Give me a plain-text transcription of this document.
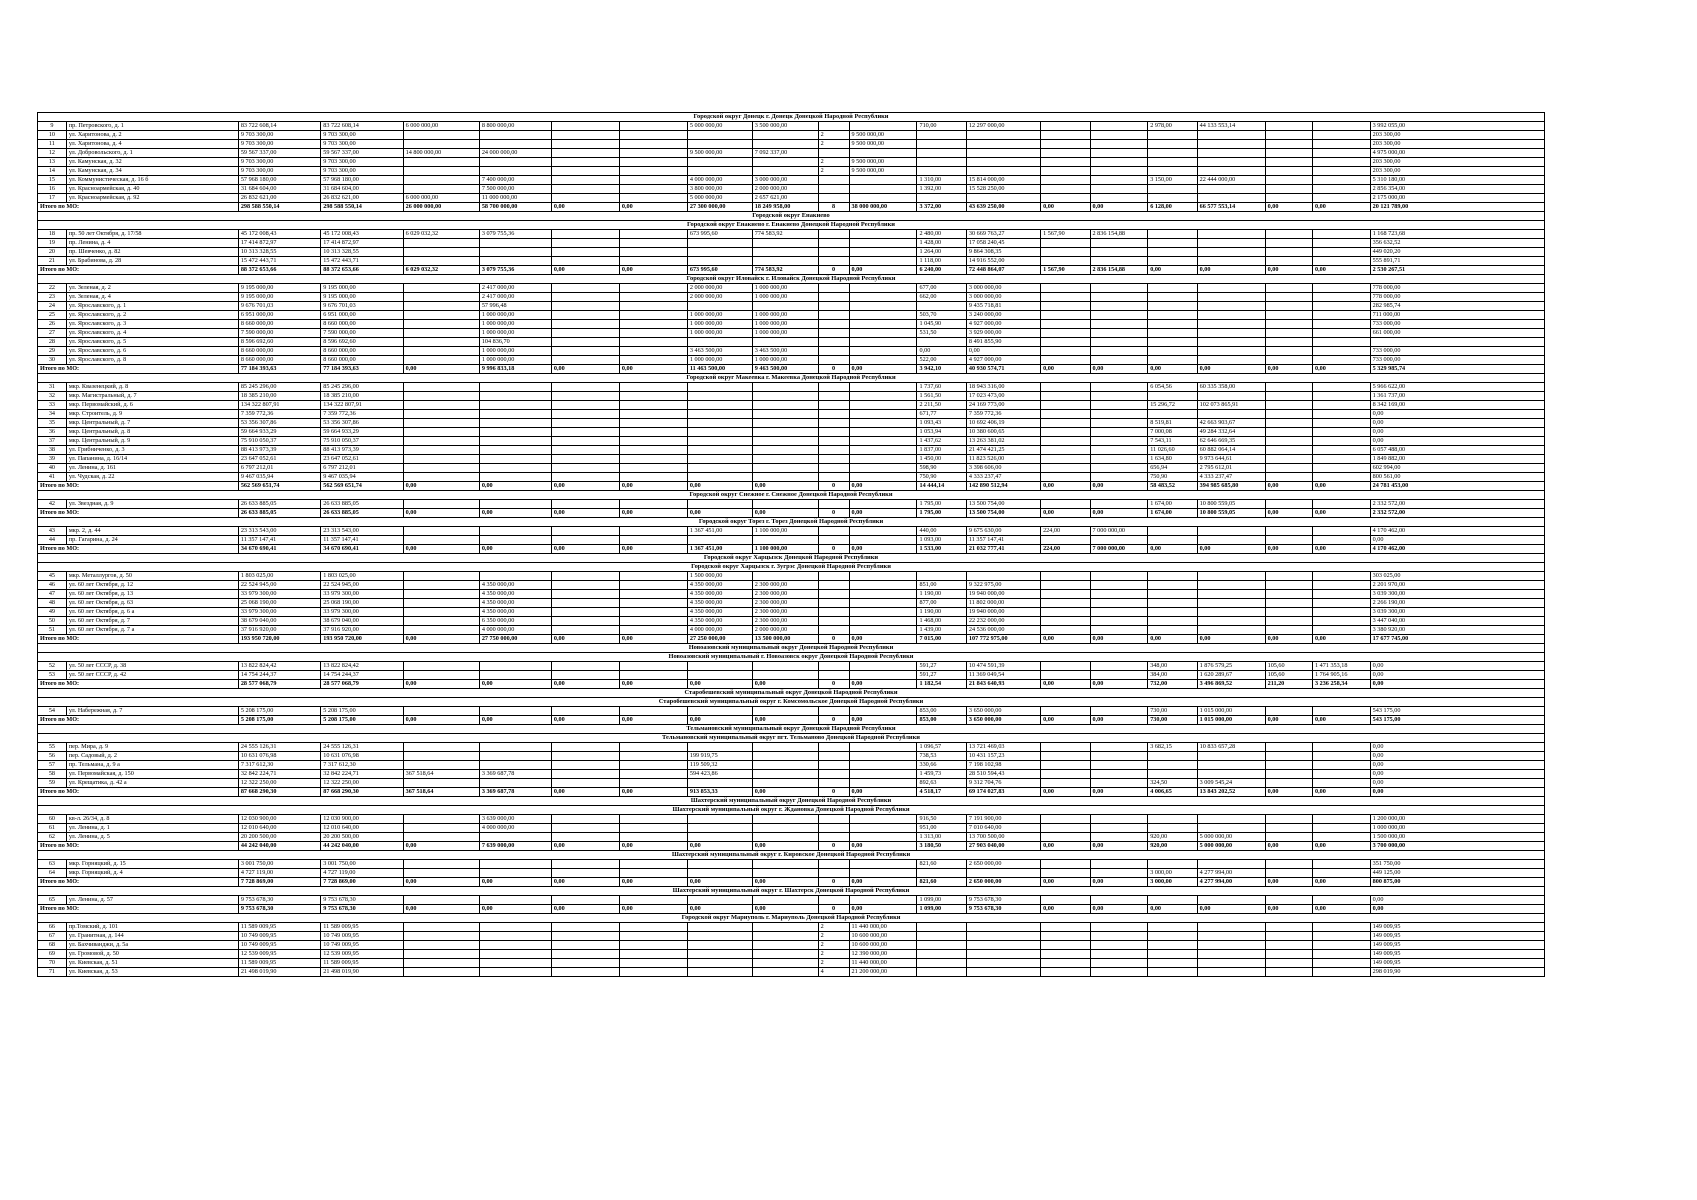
Городской округ Донецк г. Донецк Донецкой Народной Республики																				
9	пр. Петровского, д. 1	83 722 608,14	83 722 608,14	6 000 000,00	8 800 000,00			5 000 000,00	3 500 000,00			710,00	12 297 000,00			2 978,00	44 133 553,14			3 992 055,00
10	ул. Харитонова, д. 2	9 703 300,00	9 703 300,00							2	9 500 000,00									203 300,00
11	ул. Харитонова, д. 4	9 703 300,00	9 703 300,00							2	9 500 000,00									203 300,00
12	ул. Добровольского, д. 1	59 567 337,00	59 567 337,00	14 800 000,00	24 000 000,00			9 500 000,00	7 092 337,00											4 975 000,00
13	ул. Камунская, д. 32	9 703 300,00	9 703 300,00							2	9 500 000,00									203 300,00
14	ул. Камунская, д. 34	9 703 300,00	9 703 300,00							2	9 500 000,00									203 300,00
15	ул. Коммунистическая, д. 16 б	57 968 180,00	57 968 180,00		7 400 000,00			4 000 000,00	3 000 000,00			1 310,00	15 814 000,00			3 150,00	22 444 000,00			5 310 180,00
16	ул. Красноармейская, д. 40	31 684 604,00	31 684 604,00		7 500 000,00			3 800 000,00	2 000 000,00			1 392,00	15 528 250,00							2 856 354,00
17	ул. Красноармейская, д. 92	26 832 621,00	26 832 621,00	6 000 000,00	11 000 000,00			5 000 000,00	2 657 621,00											2 175 000,00
Итого по МО:		298 588 550,14	298 588 550,14	26 000 000,00	58 700 000,00	0,00	0,00	27 300 000,00	18 249 958,00	8	38 000 000,00	3 372,00	43 639 250,00	0,00	0,00	6 128,00	66 577 553,14	0,00	0,00	20 121 789,00
Городской округ Енакиево																				
Городской округ Енакиево г. Енакиево Донецкой Народной Республики																				
18	пр. 50 лет Октября, д. 17/58	45 172 008,43	45 172 008,43	6 029 032,32	3 079 755,36			673 995,60	774 583,92			2 480,00	30 669 763,27	1 567,90	2 836 154,88					1 168 723,68
19	пр. Ленина, д. 4	17 414 872,97	17 414 872,97									1 428,00	17 058 240,45							356 632,52
20	пр. Шевченко, д. 82	10 313 328,55	10 313 328,55									1 264,00	9 864 308,35							449 020,20
21	ул. Брабинова, д. 28	15 472 443,71	15 472 443,71									1 118,00	14 916 552,00							555 891,71
Итого по МО:		88 372 653,66	88 372 653,66	6 029 032,32	3 079 755,36	0,00	0,00	673 995,60	774 583,92	0	0,00	6 240,00	72 448 864,07	1 567,90	2 836 154,88	0,00	0,00	0,00	0,00	2 530 267,51
Городской округ Иловайск г. Иловайск Донецкой Народной Республики																				
22	ул. Зеленая, д. 2	9 195 000,00	9 195 000,00		2 417 000,00			2 000 000,00	1 000 000,00			677,00	3 000 000,00							778 000,00
23	ул. Зеленая, д. 4	9 195 000,00	9 195 000,00		2 417 000,00			2 000 000,00	1 000 000,00			662,00	3 000 000,00							778 000,00
24	ул. Ярославского, д. 1	9 676 701,03	9 676 701,03		57 996,48								9 435 718,81							282 985,74
25	ул. Ярославского, д. 2	6 951 000,00	6 951 000,00		1 000 000,00			1 000 000,00	1 000 000,00			503,70	3 240 000,00							711 000,00
26	ул. Ярославского, д. 3	8 660 000,00	8 660 000,00		1 000 000,00			1 000 000,00	1 000 000,00			1 045,90	4 927 000,00							733 000,00
27	ул. Ярославского, д. 4	7 590 000,00	7 590 000,00		1 000 000,00			1 000 000,00	1 000 000,00			531,50	3 929 000,00							661 000,00
28	ул. Ярославского, д. 5	8 596 692,60	8 596 692,60		104 836,70								8 491 855,90							
29	ул. Ярославского, д. 6	8 660 000,00	8 660 000,00		1 000 000,00			3 463 500,00	3 463 500,00			0,00	0,00							733 000,00
30	ул. Ярославского, д. 8	8 660 000,00	8 660 000,00		1 000 000,00			1 000 000,00	1 000 000,00			522,00	4 927 000,00							733 000,00
Итого по МО:		77 184 393,63	77 184 393,63	0,00	9 996 833,18	0,00	0,00	11 463 500,00	9 463 500,00	0	0,00	3 942,10	40 930 574,71	0,00	0,00	0,00	0,00	0,00	0,00	5 329 985,74
Городской округ Макеевка г. Макеевка Донецкой Народной Республики																				
31	мкр. Квазенецкий, д. 8	85 245 296,00	85 245 296,00									1 737,60	18 943 316,00			6 054,56	60 335 358,00			5 966 622,00
32	мкр. Магистральный, д. 7	18 385 210,00	18 385 210,00									1 561,50	17 023 473,00							1 361 737,00
33	мкр. Первомайский, д. 6	134 322 807,91	134 322 807,91									2 211,50	24 169 773,00			15 296,72	102 073 865,91			8 342 169,00
34	мкр. Строитель, д. 9	7 359 772,36	7 359 772,36									671,77	7 359 772,36							0,00
35	мкр. Центральный, д. 7	53 356 307,86	53 356 307,86									1 093,43	10 692 406,19			8 519,81	42 663 903,67			0,00
36	мкр. Центральный, д. 8	59 664 933,29	59 664 933,29									1 053,94	10 380 600,65			7 000,08	49 284 332,64			0,00
37	мкр. Центральный, д. 9	75 910 050,37	75 910 050,37									1 437,62	13 263 381,02			7 543,11	62 646 669,35			0,00
38	ул. Грибниченко, д. 3	88 413 973,39	88 413 973,39									1 837,00	21 474 421,25			11 026,60	60 882 064,14			6 057 488,00
39	ул. Папанина, д. 16/14	23 647 052,61	23 647 052,61									1 450,00	11 823 526,00			1 634,80	9 973 644,61			1 849 882,00
40	ул. Ленина, д. 161	6 797 212,01	6 797 212,01									598,90	3 398 606,00			656,94	2 795 612,01			602 994,00
41	ул. Чудская, д. 22	9 467 035,94	9 467 035,94									750,90	4 333 237,47			750,90	4 333 237,47			800 561,00
Итого по МО:		562 569 651,74	562 569 651,74	0,00	0,00	0,00	0,00	0,00	0,00	0	0,00	14 444,14	142 890 512,94	0,00	0,00	58 483,52	394 985 685,80	0,00	0,00	24 781 453,00
Городской округ Снежное г. Снежное Донецкой Народной Республики																				
42	ул. Звездная, д. 9	26 633 885,05	26 633 885,05									1 795,00	13 500 754,00			1 674,00	10 800 559,05			2 332 572,00
Итого по МО:		26 633 885,05	26 633 885,05	0,00	0,00	0,00	0,00	0,00	0,00	0	0,00	1 795,00	13 500 754,00	0,00	0,00	1 674,00	10 800 559,05	0,00	0,00	2 332 572,00
Городской округ Торез г. Торез Донецкой Народной Республики																				
43	мкр. 2, д. 44	23 313 543,00	23 313 543,00					1 367 451,00	1 100 000,00			440,00	9 675 630,00	224,00	7 000 000,00					4 170 462,00
44	пр. Гагарина, д. 24	11 357 147,41	11 357 147,41									1 093,00	11 357 147,41							0,00
Итого по МО:		34 670 690,41	34 670 690,41	0,00	0,00	0,00	0,00	1 367 451,00	1 100 000,00	0	0,00	1 533,00	21 032 777,41	224,00	7 000 000,00	0,00	0,00	0,00	0,00	4 170 462,00
Городской округ Харцызск Донецкой Народной Республики																				
Городской округ Харцызск г. Зугрэс Донецкой Народной Республики																				
45	мкр. Металлургов, д. 50	1 803 025,00	1 803 025,00					1 500 000,00												303 025,00
46	ул. 60 лет Октября, д. 12	22 524 945,00	22 524 945,00		4 350 000,00			4 350 000,00	2 300 000,00			851,00	9 322 975,00							2 201 970,00
47	ул. 60 лет Октября, д. 13	33 979 300,00	33 979 300,00		4 350 000,00			4 350 000,00	2 300 000,00			1 190,00	19 940 000,00							3 039 300,00
48	ул. 60 лет Октября, д. 63	25 068 190,00	25 068 190,00		4 350 000,00			4 350 000,00	2 300 000,00			877,00	11 802 000,00							2 266 190,00
49	ул. 60 лет Октября, д. 6 а	33 979 300,00	33 979 300,00		4 350 000,00			4 350 000,00	2 300 000,00			1 190,00	19 940 000,00							3 039 300,00
50	ул. 60 лет Октября, д. 7	38 679 040,00	38 679 040,00		6 350 000,00			4 350 000,00	2 300 000,00			1 468,00	22 232 000,00							3 447 040,00
51	ул. 60 лет Октября, д. 7 а	37 916 920,00	37 916 920,00		4 000 000,00			4 000 000,00	2 000 000,00			1 439,00	24 536 000,00							3 380 920,00
Итого по МО:		193 950 720,00	193 950 720,00	0,00	27 750 000,00	0,00	0,00	27 250 000,00	13 500 000,00	0	0,00	7 015,00	107 772 975,00	0,00	0,00	0,00	0,00	0,00	0,00	17 677 745,00
Новоазовский муниципальный округ Донецкой Народной Республики																				
Новоазовский муниципальный г. Новоазовск округ Донецкой Народной Республики																				
52	ул. 50 лет СССР, д. 38	13 822 824,42	13 822 824,42									591,27	10 474 591,39			348,00	1 876 579,25	105,60	1 471 353,18	0,00
53	ул. 50 лет СССР, д. 42	14 754 244,37	14 754 244,37									591,27	11 369 049,54			384,00	1 620 289,67	105,60	1 764 905,16	0,00
Итого по МО:		28 577 068,79	28 577 068,79	0,00	0,00	0,00	0,00	0,00	0,00	0	0,00	1 182,54	21 843 640,93	0,00	0,00	732,00	3 496 869,52	211,20	3 236 258,34	0,00
Старобешевский муниципальный округ Донецкой Народной Республики																				
Старобешевский муниципальный округ г. Комсомольское Донецкой Народной Республики																				
54	ул. Набережная, д. 7	5 208 175,00	5 208 175,00									853,00	3 650 000,00			730,00	1 015 000,00			543 175,00
Итого по МО:		5 208 175,00	5 208 175,00	0,00	0,00	0,00	0,00	0,00	0,00	0	0,00	853,00	3 650 000,00	0,00	0,00	730,00	1 015 000,00	0,00	0,00	543 175,00
Тельмановский муниципальный округ Донецкой Народной Республики																				
Тельмановский муниципальный округ пгт. Тельманово Донецкой Народной Республики																				
55	пер. Мира, д. 9	24 555 126,31	24 555 126,31									1 096,57	13 721 469,03			3 682,15	10 833 657,28			0,00
56	пер. Садовый, д. 2	10 631 076,98	10 631 076,98					199 919,75				738,53	10 431 157,23							0,00
57	пр. Тельмана, д. 9 а	7 317 612,30	7 317 612,30					119 509,32				330,66	7 198 102,98							0,00
58	ул. Первомайская, д. 150	32 842 224,71	32 842 224,71	367 518,64	3 369 687,78			594 423,86				1 459,73	28 510 594,43							0,00
59	ул. Крещатика, д. 42 а	12 322 250,00	12 322 250,00									892,63	9 312 704,76			324,50	3 009 545,24			0,00
Итого по МО:		87 668 290,30	87 668 290,30	367 518,64	3 369 687,78	0,00	0,00	913 853,33	0,00	0	0,00	4 518,17	69 174 027,83	0,00	0,00	4 006,65	13 843 202,52	0,00	0,00	0,00
Шахтерский муниципальный округ Донецкой Народной Республики																				
Шахтерский муниципальный округ г. Ждановка Донецкой Народной Республики																				
60	кв-л. 26/34, д. 8	12 030 900,00	12 030 900,00		3 639 000,00							916,50	7 191 900,00							1 200 000,00
61	ул. Ленина, д. 1	12 010 640,00	12 010 640,00		4 000 000,00							951,00	7 010 640,00							1 000 000,00
62	ул. Ленина, д. 5	20 200 500,00	20 200 500,00									1 313,00	13 700 500,00			920,00	5 000 000,00			1 500 000,00
Итого по МО:		44 242 040,00	44 242 040,00	0,00	7 639 000,00	0,00	0,00	0,00	0,00	0	0,00	3 180,50	27 903 040,00	0,00	0,00	920,00	5 000 000,00	0,00	0,00	3 700 000,00
Шахтерский муниципальный округ г. Кировское Донецкой Народной Республики																				
63	мкр. Горняцкий, д. 15	3 001 750,00	3 001 750,00									821,60	2 650 000,00							351 750,00
64	мкр. Горняцкий, д. 4	4 727 119,00	4 727 119,00													3 000,00	4 277 994,00			449 125,00
Итого по МО:		7 728 869,00	7 728 869,00	0,00	0,00	0,00	0,00	0,00	0,00	0	0,00	821,60	2 650 000,00	0,00	0,00	3 000,00	4 277 994,00	0,00	0,00	800 875,00
Шахтерский муниципальный округ г. Шахтерск Донецкой Народной Республики																				
65	ул. Ленина, д. 57	9 753 678,30	9 753 678,30									1 099,00	9 753 678,30							0,00
Итого по МО:		9 753 678,30	9 753 678,30	0,00	0,00	0,00	0,00	0,00	0,00	0	0,00	1 099,00	9 753 678,30	0,00	0,00	0,00	0,00	0,00	0,00	0,00
Городской округ Мариуполь г. Мариуполь Донецкой Народной Республики																				
66	пр.Томский, д. 101	11 589 009,95	11 589 009,95							2	11 440 000,00									149 009,95
67	ул. Гранитная, д. 144	10 749 009,95	10 749 009,95							2	10 600 000,00									149 009,95
68	ул. Бахчиванджи, д. 5а	10 749 009,95	10 749 009,95							2	10 600 000,00									149 009,95
69	ул. Громовой, д. 50	12 539 009,95	12 539 009,95							2	12 390 000,00									149 009,95
70	ул. Киевская, д. 51	11 589 009,95	11 589 009,95							2	11 440 000,00									149 009,95
71	ул. Киевская, д. 53	21 498 019,90	21 498 019,90							4	21 200 000,00									298 019,90
